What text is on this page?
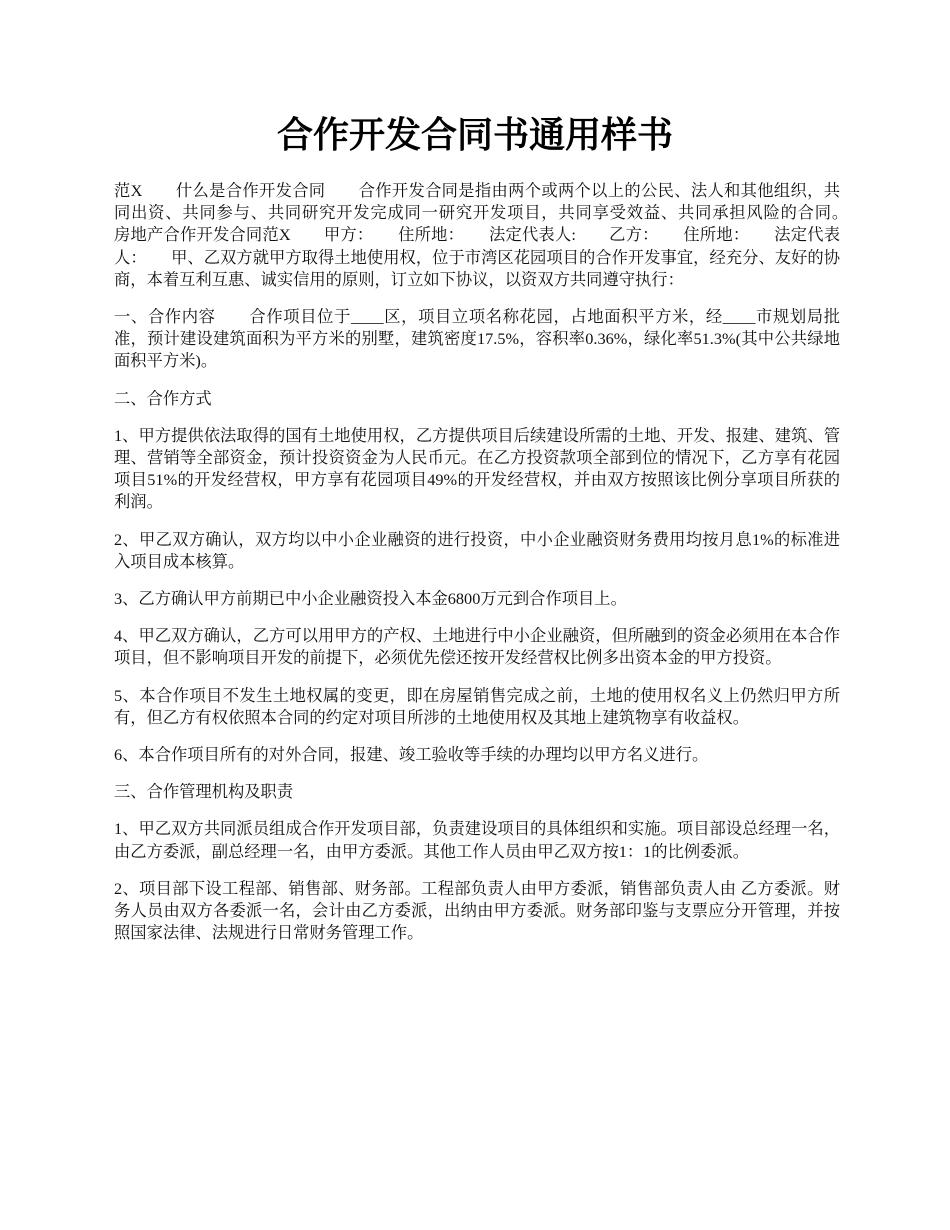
合作开发合同书通用样书

范X　　什么是合作开发合同　　合作开发合同是指由两个或两个以上的公民、法人和其他组织，共同出资、共同参与、共同研究开发完成同一研究开发项目，共同享受效益、共同承担风险的合同。　　房地产合作开发合同范X　　甲方：　　住所地：　　法定代表人:　　乙方：　　住所地：　　法定代表人：　　甲、乙双方就甲方取得土地使用权，位于市湾区花园项目的合作开发事宜，经充分、友好的协商，本着互利互惠、诚实信用的原则，订立如下协议，以资双方共同遵守执行：

一、合作内容　　合作项目位于____区，项目立项名称花园，占地面积平方米，经____市规划局批准，预计建设建筑面积为平方米的别墅，建筑密度17.5%，容积率0.36%，绿化率51.3%(其中公共绿地面积平方米)。

二、合作方式

1、甲方提供依法取得的国有土地使用权，乙方提供项目后续建设所需的土地、开发、报建、建筑、管理、营销等全部资金，预计投资资金为人民币元。在乙方投资款项全部到位的情况下，乙方享有花园项目51%的开发经营权，甲方享有花园项目49%的开发经营权，并由双方按照该比例分享项目所获的利润。

2、甲乙双方确认，双方均以中小企业融资的进行投资，中小企业融资财务费用均按月息1%的标准进入项目成本核算。

3、乙方确认甲方前期已中小企业融资投入本金6800万元到合作项目上。

4、甲乙双方确认，乙方可以用甲方的产权、土地进行中小企业融资，但所融到的资金必须用在本合作项目，但不影响项目开发的前提下，必须优先偿还按开发经营权比例多出资本金的甲方投资。

5、本合作项目不发生土地权属的变更，即在房屋销售完成之前，土地的使用权名义上仍然归甲方所有，但乙方有权依照本合同的约定对项目所涉的土地使用权及其地上建筑物享有收益权。

6、本合作项目所有的对外合同，报建、竣工验收等手续的办理均以甲方名义进行。

三、合作管理机构及职责

1、甲乙双方共同派员组成合作开发项目部，负责建设项目的具体组织和实施。项目部设总经理一名，由乙方委派，副总经理一名，由甲方委派。其他工作人员由甲乙双方按1：1的比例委派。

2、项目部下设工程部、销售部、财务部。工程部负责人由甲方委派，销售部负责人由 乙方委派。财务人员由双方各委派一名，会计由乙方委派，出纳由甲方委派。财务部印鉴与支票应分开管理，并按照国家法律、法规进行日常财务管理工作。
